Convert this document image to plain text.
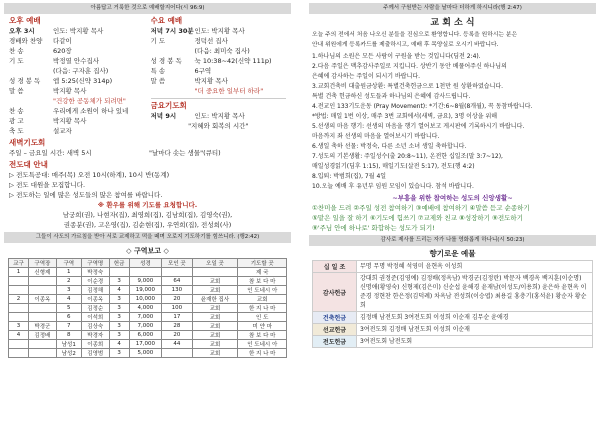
아름답고 거룩한 것으로 예배할지어다(시 96:9)
오후 예배
오후 3시	인도: 박지황 목사
경배와 찬양	다같이
찬 송	620장
기 도	박정열 안수집사
(다음: 구자훈 집사)
성 경 봉 독	엡 5:25(신약 314p)
말 씀	박지황 목사
"건강한 공동체가 되려면"
찬 송	우리에게 소원이 하나 있네
광 고	박지황 목사
축 도	설교자
수요 예배
저녁 7시 30분 인도: 박지황 목사
기 도	정덕선 집사
(다음: 최미숙 집사)
성 경 봉 독	눅 10:38~42(신약 111p)
특 송	6구역
말 씀	박지황 목사
"더 중요한 일부터 하라"
금요기도회
저녁 9시	인도: 박지황 목사
"지혜와 회복의 시간"
새벽기도회
주일 – 금요일 시간: 새벽 5시	"날마다 솟는 생물"(큐티)
전도대 안내
▷ 전도특공대: 매주(목) 오전 10시(하계), 10시 반(동계)
▷ 전도 대원을 모집합니다.
▷ 전도하는 일에 많은 성도들의 많은 참여를 바랍니다.
※ 환우를 위해 기도를 요청합니다.
남궁희(권), 나현자(집), 최영희(집), 김남희(집), 김영숙(권),
권종분(권), 고은영(집), 김순현(집), 우연희(집), 전성희(사)
그들이 사도의 가르침을 받아 서로 교제하고 떡을 떼며 오로지 기도하기를 힘쓰니라. (행2:42)
◇ 구역보고 ◇
교구	구역장	구역	구역명	헌금	성경	모인 곳	오일 곳	기도할 곳
1	신형제	1	박정숙					제 국
		2	이순경	3	9,000	64	교회	참 보 다 마
		3	김정해	4	19,000	130	교회	인 도네시 아
2	이종옥	4	이종옥	3	10,000	20	윤재한 집사	교회
		5	김정순	3	4,000	100	교회	한 지 나 마
		6	이석희	3	7,000	17	교회	인 도
3	박경군	7	김상숙	3	7,000	28	교회	미 얀 마
4	김정배	8	박경자	3	6,000	20	교회	참 보 다 마
		남성1	이종희	4	17,000	44	교회	인 도네시 아
		남성2	김영범	3	5,000		교회	한 지 나 마
주께서 구원받는 사람을 날마다 더하게 하시니라(행 2:47)
교 회 소 식
오늘 주의 전에서 처음 나오신 분들을 진심으로 환영합니다. 등록을 원하시는 분은
안내 위원에게 등록카드를 제출하시고, 예배 후 목양실로 오시기 바랍니다.
1.하나님의 소원은 모든 사람이 구원을 받는 것입니다(딤전 2:4).
2.다음 주일은 맥추감사주일로 지킵니다. 상반기 동안 베풀어주신 하나님의
은혜에 감사하는 주일이 되시기 바랍니다.
3.교회건축비 대출원금상환: 특별건축헌금으로 1천만 원 상환하였습니다.
특별 건축 헌금하신 성도들과 하나님의 은혜에 감사드립니다.
4.전교인 133기도운동 (Pray Movement): *기간:6~8월(8개월), 꼭 동참바랍니다.
*방법: 매일 1번 이상, 매주 3번 교회에서(새벽, 금요), 3명 이상을 위해
5.선생의 마음 행기: 선생의 마음을 행기 열어보고 게시판에 기록하시기 바랍니다.
마음까지 좌 선생의 마음을 열어보시기 바랍니다.
6.생일 축하 선물: 박정숙, 다른 소년 소녀 생일 축하합니다.
7.성도의 기본생활: 주일성수(출 20:8~11), 온전한 십일조(말 3:7~12),
매일성경읽기(딤후 1:15), 매일기도(살전 5:17), 전도(행 4:2)
8.입퇴: 박범희(집), 7월 4일
10.오늘 예배 후 유년부 임원 모임이 있습니다. 참석 바랍니다.
~부흥을 위한 참여하는 성도의 신앙생활~
①찬미을 드려 ②주일 성전 참여하기 ③예배에 참여하기 ④말씀 듣고 순종하기
⑤맡은 일을 잘 하기 ⑥기도에 힘쓰기 ⑦교제와 친교 ⑧성장하기 ⑨전도하기
⑨'주님 안에 하나로' 화합하는 성도가 되기!
감사로 제사를 드리는 자가 나를 영화롭게 하나니(시 50:23)
향기로운 예물
십 일 조	무명 무명 박정혜 석영미 윤현옥 이성희
감사헌금	강대희 권정준(김영예) 김정배(정옥남) 박경군(김정란) 박문자 백경옥 백지훈(이순명) 신명애(황영숙) 신형제(김은미) 신순섭 윤해경 윤재남(이성도/이용희) 윤은하 윤현옥 이준경 정현찬 한은정(김덕례) 차옥남 전성희(이승엽) 최용길 홍충기(홍석윤) 황순자 황순희
건축헌금	김정배 남전도회 3여전도회 이성희 이순재 김무순 윤애경
선교헌금	3여전도회 김정배 남전도회 이성희 이순재
전도헌금	3여전도회 남전도회
